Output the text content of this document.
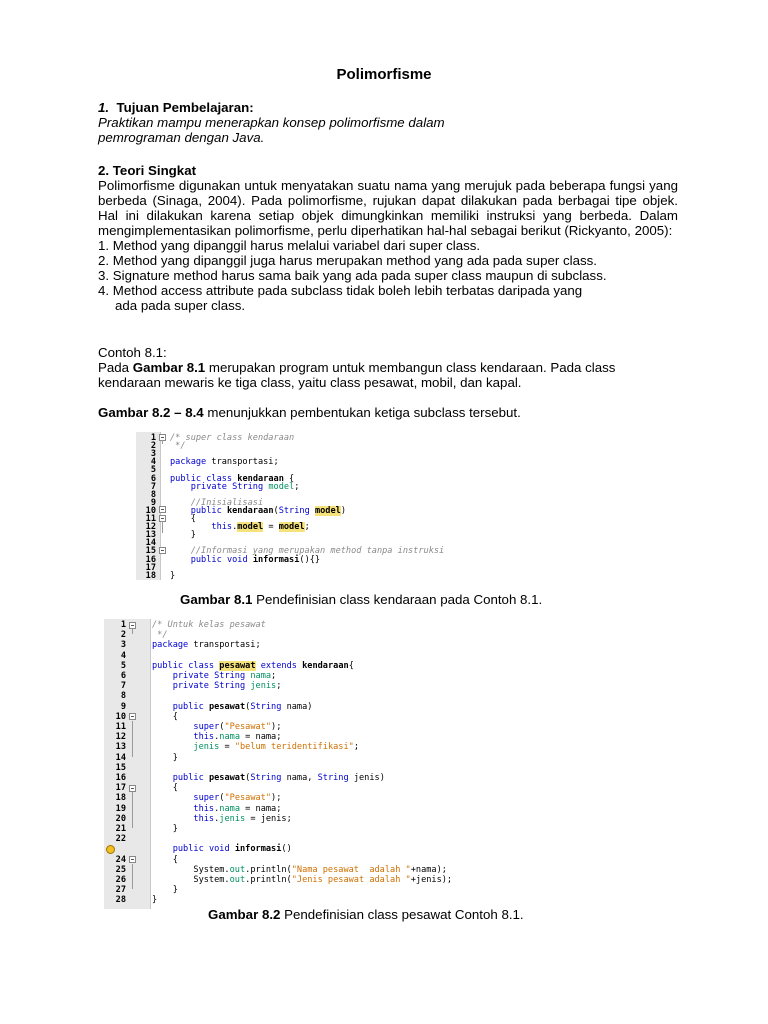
Polimorfisme
1. Tujuan Pembelajaran:
Praktikan mampu menerapkan konsep polimorfisme dalam pemrograman dengan Java.
2. Teori Singkat
Polimorfisme digunakan untuk menyatakan suatu nama yang merujuk pada beberapa fungsi yang berbeda (Sinaga, 2004). Pada polimorfisme, rujukan dapat dilakukan pada berbagai tipe objek. Hal ini dilakukan karena setiap objek dimungkinkan memiliki instruksi yang berbeda. Dalam mengimplementasikan polimorfisme, perlu diperhatikan hal-hal sebagai berikut (Rickyanto, 2005):
1. Method yang dipanggil harus melalui variabel dari super class.
2. Method yang dipanggil juga harus merupakan method yang ada pada super class.
3. Signature method harus sama baik yang ada pada super class maupun di subclass.
4. Method access attribute pada subclass tidak boleh lebih terbatas daripada yang
ada pada super class.
Contoh 8.1:
Pada Gambar 8.1 merupakan program untuk membangun class kendaraan. Pada class kendaraan mewaris ke tiga class, yaitu class pesawat, mobil, dan kapal.
Gambar 8.2 – 8.4 menunjukkan pembentukan ketiga subclass tersebut.
1 /* super class kendaraan
2 */
3
4 package transportasi;
5
6 public class kendaraan {
7	private String model;
8
9 //Inisialisasi
10	public kendaraan(String model)
11 {
12	this.model = model;
13 }
14
15 //Informasi yang merupakan method tanpa instruksi
16	public void informasi(){}
17
18 }
Gambar 8.1 Pendefinisian class kendaraan pada Contoh 8.1.
1	/* Untuk kelas pesawat
2	*/
3	package transportasi;
4
5	public class pesawat extends kendaraan{
6	private String nama;
7	private String jenis;
8
9	public pesawat(String nama)
10	{
11	super("Pesawat");
12	this.nama = nama;
13	jenis = "belum teridentifikasi";
14	}
15
16	public pesawat(String nama, String jenis)
17	{
18	super("Pesawat");
19	this.nama = nama;
20	this.jenis = jenis;
21	}
22
public void informasi()
24	{
25	System.out.println("Nama pesawat  adalah "+nama);
26	System.out.println("Jenis pesawat adalah "+jenis);
27	}
28	}
Gambar 8.2 Pendefinisian class pesawat Contoh 8.1.
